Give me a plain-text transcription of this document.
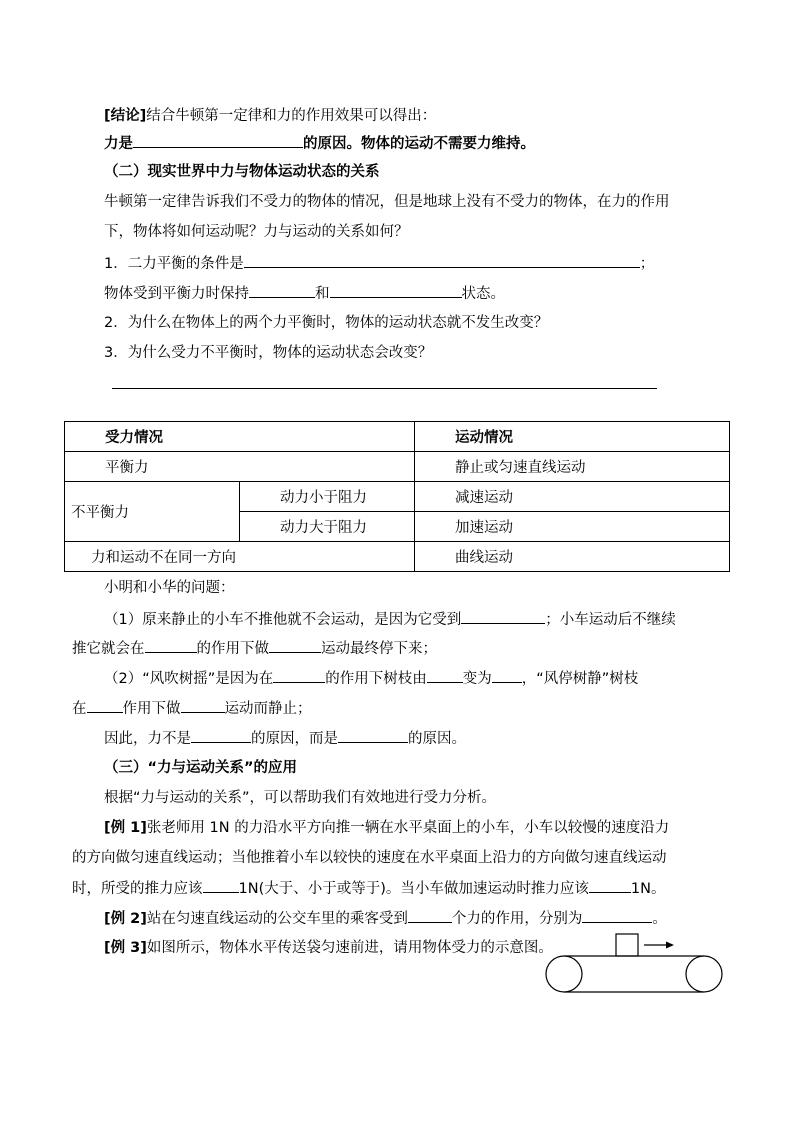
[结论]结合牛顿第一定律和力的作用效果可以得出：
力是	的原因。物体的运动不需要力维持。
（二）现实世界中力与物体运动状态的关系
牛顿第一定律告诉我们不受力的物体的情况，但是地球上没有不受力的物体，在力的作用
下，物体将如何运动呢？力与运动的关系如何？
1．二力平衡的条件是	；
物体受到平衡力时保持	和	状态。
2．为什么在物体上的两个力平衡时，物体的运动状态就不发生改变？
3．为什么受力不平衡时，物体的运动状态会改变？
受力情况		运动情况
平衡力		静止或匀速直线运动
不平衡力	动力小于阻力	减速运动
	动力大于阻力	加速运动
力和运动不在同一方向		曲线运动
小明和小华的问题：
（1）原来静止的小车不推他就不会运动，是因为它受到	；小车运动后不继续
推它就会在	的作用下做	运动最终停下来；
（2）“风吹树摇”是因为在	的作用下树枝由 变为 ，“风停树静”树枝
在 作用下做	运动而静止；
因此，力不是	的原因，而是	的原因。
（三）“力与运动关系”的应用
根据“力与运动的关系”，可以帮助我们有效地进行受力分析。
[例 1]张老师用 1N 的力沿水平方向推一辆在水平桌面上的小车，小车以较慢的速度沿力
的方向做匀速直线运动；当他推着小车以较快的速度在水平桌面上沿力的方向做匀速直线运动
时，所受的推力应该 1N(大于、小于或等于)。当小车做加速运动时推力应该	1N。
[例 2]站在匀速直线运动的公交车里的乘客受到	个力的作用，分别为	。
[例 3]如图所示，物体水平传送袋匀速前进，请用物体受力的示意图。
